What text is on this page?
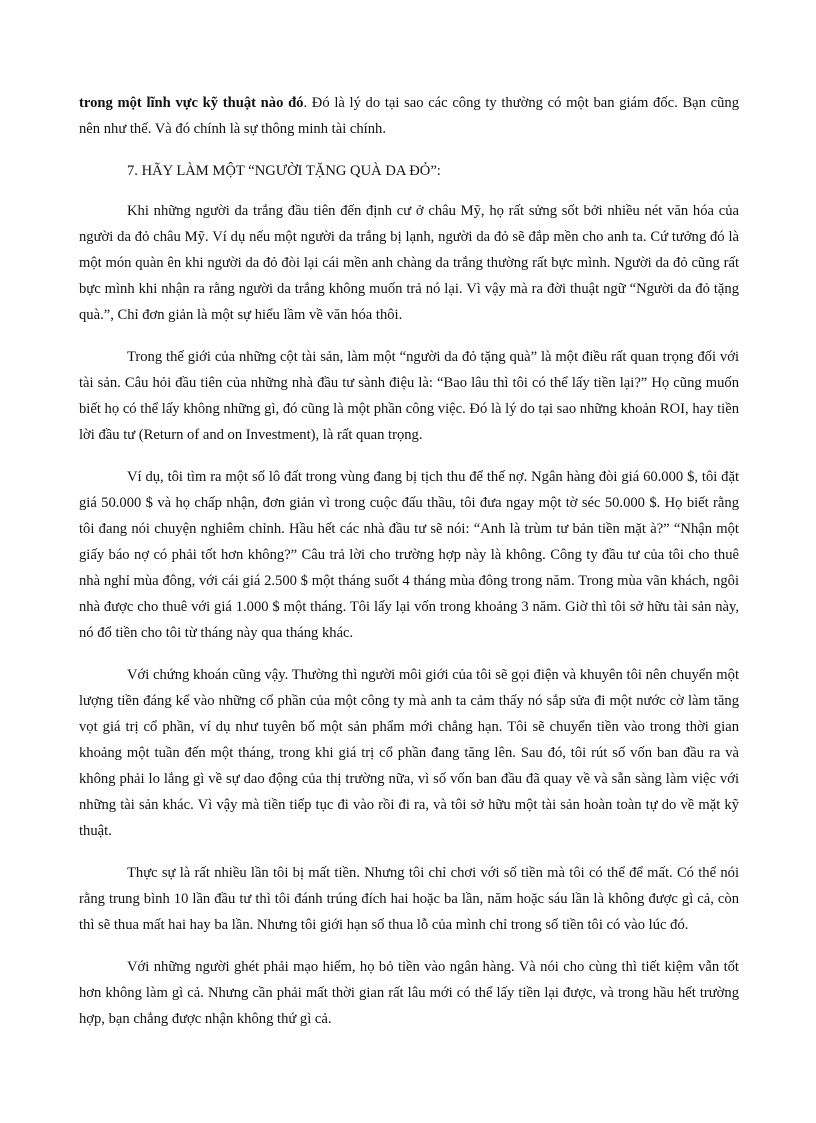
trong một lĩnh vực kỹ thuật nào đó. Đó là lý do tại sao các công ty thường có một ban giám đốc. Bạn cũng nên như thế. Và đó chính là sự thông minh tài chính.

7. HÃY LÀM MỘT “NGƯỜI TẶNG QUÀ DA ĐỎ”:

Khi những người da trắng đầu tiên đến định cư ở châu Mỹ, họ rất sửng sốt bởi nhiều nét văn hóa của người da đỏ châu Mỹ. Ví dụ nếu một người da trắng bị lạnh, người da đỏ sẽ đắp mền cho anh ta. Cứ tưởng đó là một món quàn ên khi người da đỏ đòi lại cái mền anh chàng da trắng thường rất bực mình. Người da đỏ cũng rất bực mình khi nhận ra rằng người da trắng không muốn trả nó lại. Vì vậy mà ra đời thuật ngữ “Người da đỏ tặng quà.”, Chỉ đơn giản là một sự hiểu lầm về văn hóa thôi.

Trong thế giới của những cột tài sản, làm một “người da đỏ tặng quà” là một điều rất quan trọng đối với tài sản. Câu hỏi đầu tiên của những nhà đầu tư sành điệu là: “Bao lâu thì tôi có thể lấy tiền lại?” Họ cũng muốn biết họ có thể lấy không những gì, đó cũng là một phần công việc. Đó là lý do tại sao những khoản ROI, hay tiền lời đầu tư (Return of and on Investment), là rất quan trọng.

Ví dụ, tôi tìm ra một số lô đất trong vùng đang bị tịch thu để thế nợ. Ngân hàng đòi giá 60.000 $, tôi đặt giá 50.000 $ và họ chấp nhận, đơn giản vì trong cuộc đấu thầu, tôi đưa ngay một tờ séc 50.000 $. Họ biết rằng tôi đang nói chuyện nghiêm chỉnh. Hầu hết các nhà đầu tư sẽ nói: “Anh là trùm tư bản tiền mặt à?” “Nhận một giấy báo nợ có phải tốt hơn không?” Câu trả lời cho trường hợp này là không. Công ty đầu tư của tôi cho thuê nhà nghỉ mùa đông, với cái giá 2.500 $ một tháng suốt 4 tháng mùa đông trong năm. Trong mùa vãn khách, ngôi nhà được cho thuê với giá 1.000 $ một tháng. Tôi lấy lại vốn trong khoảng 3 năm. Giờ thì tôi sở hữu tài sản này, nó đổ tiền cho tôi từ tháng này qua tháng khác.

Với chứng khoán cũng vậy. Thường thì người môi giới của tôi sẽ gọi điện và khuyên tôi nên chuyển một lượng tiền đáng kể vào những cổ phần của một công ty mà anh ta cảm thấy nó sắp sửa đi một nước cờ làm tăng vọt giá trị cổ phần, ví dụ như tuyên bố một sản phẩm mới chẳng hạn. Tôi sẽ chuyển tiền vào trong thời gian khoảng một tuần đến một tháng, trong khi giá trị cổ phần đang tăng lên. Sau đó, tôi rút số vốn ban đầu ra và không phải lo lắng gì về sự dao động của thị trường nữa, vì số vốn ban đầu đã quay về và sẵn sàng làm việc với những tài sản khác. Vì vậy mà tiền tiếp tục đi vào rồi đi ra, và tôi sở hữu một tài sản hoàn toàn tự do về mặt kỹ thuật.

Thực sự là rất nhiều lần tôi bị mất tiền. Nhưng tôi chỉ chơi với số tiền mà tôi có thể để mất. Có thể nói rằng trung bình 10 lần đầu tư thì tôi đánh trúng đích hai hoặc ba lần, năm hoặc sáu lần là không được gì cả, còn thì sẽ thua mất hai hay ba lần. Nhưng tôi giới hạn số thua lỗ của mình chỉ trong số tiền tôi có vào lúc đó.

Với những người ghét phải mạo hiểm, họ bỏ tiền vào ngân hàng. Và nói cho cùng thì tiết kiệm vẫn tốt hơn không làm gì cả. Nhưng cần phải mất thời gian rất lâu mới có thể lấy tiền lại được, và trong hầu hết trường hợp, bạn chẳng được nhận không thứ gì cả.
